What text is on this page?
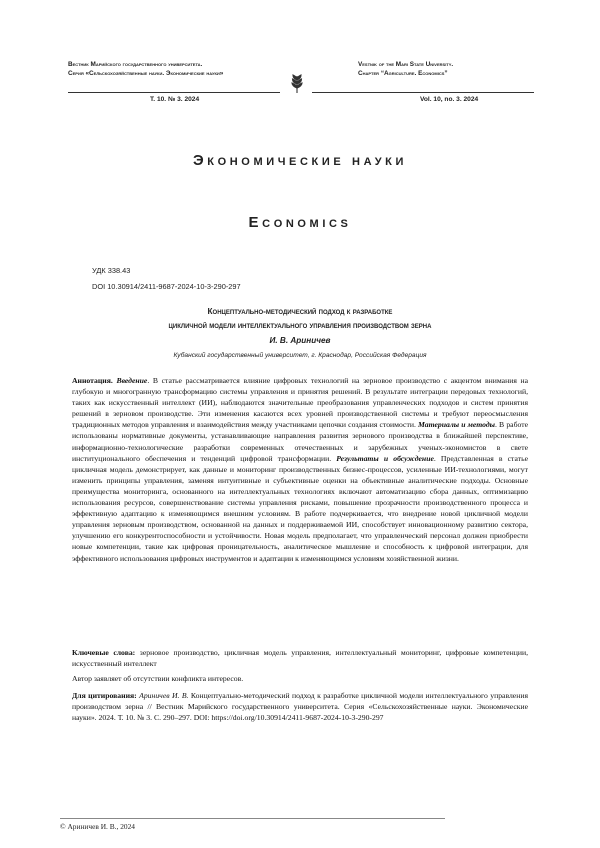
Вестник Марийского государственного университета.
Серия «Сельскохозяйственные науки. Экономические науки»
Vestnik of the Mari State University.
Chapter “Agriculture. Economics”
Т. 10. № 3. 2024	Vol. 10, no. 3. 2024
Экономические науки
Economics
УДК 338.43
DOI 10.30914/2411-9687-2024-10-3-290-297
Концептуально-методический подход к разработке
цикличной модели интеллектуального управления производством зерна
И. В. Ариничев
Кубанский государственный университет, г. Краснодар, Российская Федерация
Аннотация. Введение. В статье рассматривается влияние цифровых технологий на зерновое производство с акцентом внимания на глубокую и многогранную трансформацию системы управления и принятия решений. В результате интеграции передовых технологий, таких как искусственный интеллект (ИИ), наблюдаются значительные преобразования управленческих подходов и систем принятия решений в зерновом производстве. Эти изменения касаются всех уровней производственной системы и требуют переосмысления традиционных методов управления и взаимодействия между участниками цепочки создания стоимости. Материалы и методы. В работе использованы нормативные документы, устанавливающие направления развития зернового производства в ближайшей перспективе, информационно-технологические разработки современных отечественных и зарубежных ученых-экономистов в свете институционального обеспечения и тенденций цифровой трансформации. Результаты и обсуждение. Представленная в статье цикличная модель демонстрирует, как данные и мониторинг производственных бизнес-процессов, усиленные ИИ-технологиями, могут изменить принципы управления, заменяя интуитивные и субъективные оценки на объективные аналитические подходы. Основные преимущества мониторинга, основанного на интеллектуальных технологиях включают автоматизацию сбора данных, оптимизацию использования ресурсов, совершенствование системы управления рисками, повышение прозрачности производственного процесса и эффективную адаптацию к изменяющимся внешним условиям. В работе подчеркивается, что внедрение новой цикличной модели управления зерновым производством, основанной на данных и поддерживаемой ИИ, способствует инновационному развитию сектора, улучшению его конкурентоспособности и устойчивости. Новая модель предполагает, что управленческий персонал должен приобрести новые компетенции, такие как цифровая проницательность, аналитическое мышление и способность к цифровой интеграции, для эффективного использования цифровых инструментов и адаптации к изменяющимся условиям хозяйственной жизни.
Ключевые слова: зерновое производство, цикличная модель управления, интеллектуальный мониторинг, цифровые компетенции, искусственный интеллект
Автор заявляет об отсутствии конфликта интересов.
Для цитирования: Ариничев И. В. Концептуально-методический подход к разработке цикличной модели интеллектуального управления производством зерна // Вестник Марийского государственного университета. Серия «Сельскохозяйственные науки. Экономические науки». 2024. Т. 10. № 3. С. 290–297. DOI: https://doi.org/10.30914/2411-9687-2024-10-3-290-297
© Ариничев И. В., 2024
